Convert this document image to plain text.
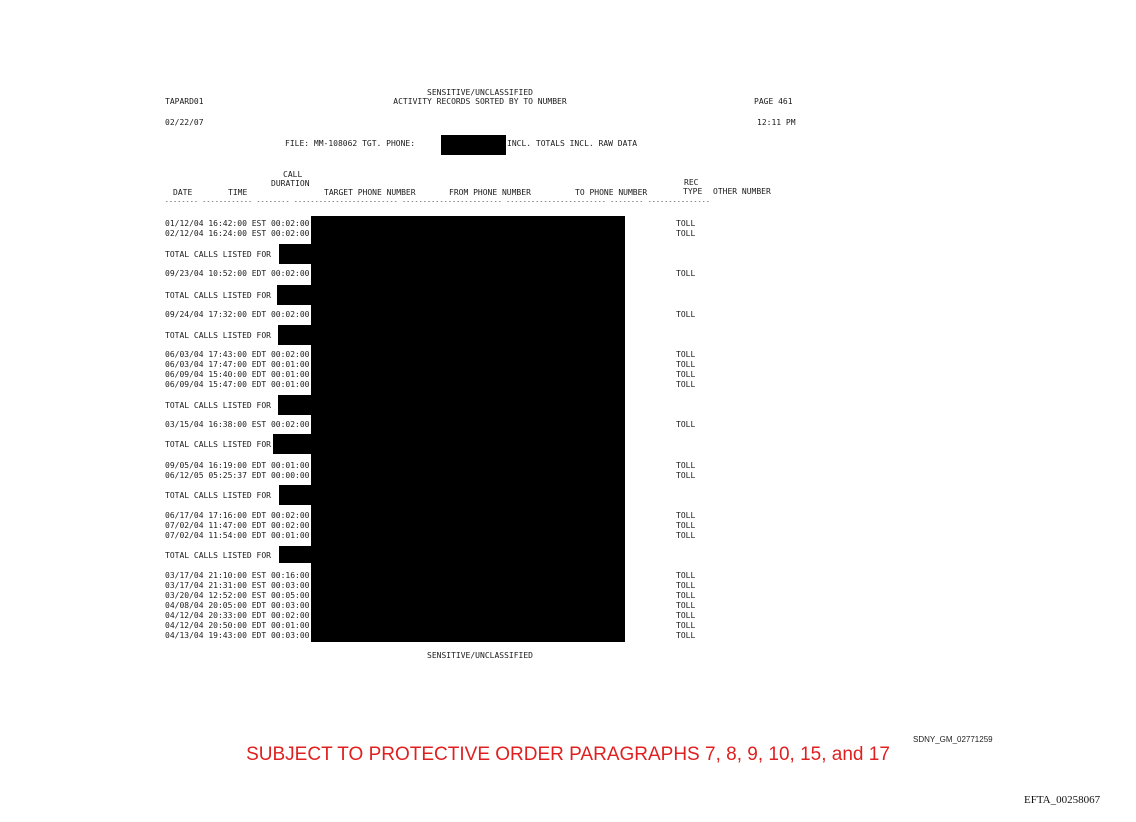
TAPARD01
SENSITIVE/UNCLASSIFIED
ACTIVITY RECORDS SORTED BY TO NUMBER	PAGE 461
02/22/07	12:11 PM
FILE: MM-108062 TGT. PHONE:	INCL. TOTALS INCL. RAW DATA
CALL
DURATION	REC
DATE	TIME	TARGET PHONE NUMBER	FROM PHONE NUMBER	TO PHONE NUMBER	TYPE OTHER NUMBER
-------- ------------ -------- ------------------------- ------------------------ ------------------------ -------- ---------------
01/12/04 16:42:00 EST 00:02:00	TOLL
02/12/04 16:24:00 EST 00:02:00	TOLL
TOTAL CALLS LISTED FOR
09/23/04 10:52:00 EDT 00:02:00	TOLL
TOTAL CALLS LISTED FOR
09/24/04 17:32:00 EDT 00:02:00	TOLL
TOTAL CALLS LISTED FOR
06/03/04 17:43:00 EDT 00:02:00	TOLL
06/03/04 17:47:00 EDT 00:01:00	TOLL
06/09/04 15:40:00 EDT 00:01:00	TOLL
06/09/04 15:47:00 EDT 00:01:00	TOLL
TOTAL CALLS LISTED FOR
03/15/04 16:38:00 EST 00:02:00	TOLL
TOTAL CALLS LISTED FOR
09/05/04 16:19:00 EDT 00:01:00	TOLL
06/12/05 05:25:37 EDT 00:00:00	TOLL
TOTAL CALLS LISTED FOR
06/17/04 17:16:00 EDT 00:02:00	TOLL
07/02/04 11:47:00 EDT 00:02:00	TOLL
07/02/04 11:54:00 EDT 00:01:00	TOLL
TOTAL CALLS LISTED FOR
03/17/04 21:10:00 EST 00:16:00	TOLL
03/17/04 21:31:00 EST 00:03:00	TOLL
03/20/04 12:52:00 EST 00:05:00	TOLL
04/08/04 20:05:00 EDT 00:03:00	TOLL
04/12/04 20:33:00 EDT 00:02:00	TOLL
04/12/04 20:50:00 EDT 00:01:00	TOLL
04/13/04 19:43:00 EDT 00:03:00	TOLL
SENSITIVE/UNCLASSIFIED
SDNY_GM_02771259
SUBJECT TO PROTECTIVE ORDER PARAGRAPHS 7, 8, 9, 10, 15, and 17
EFTA_00258067
